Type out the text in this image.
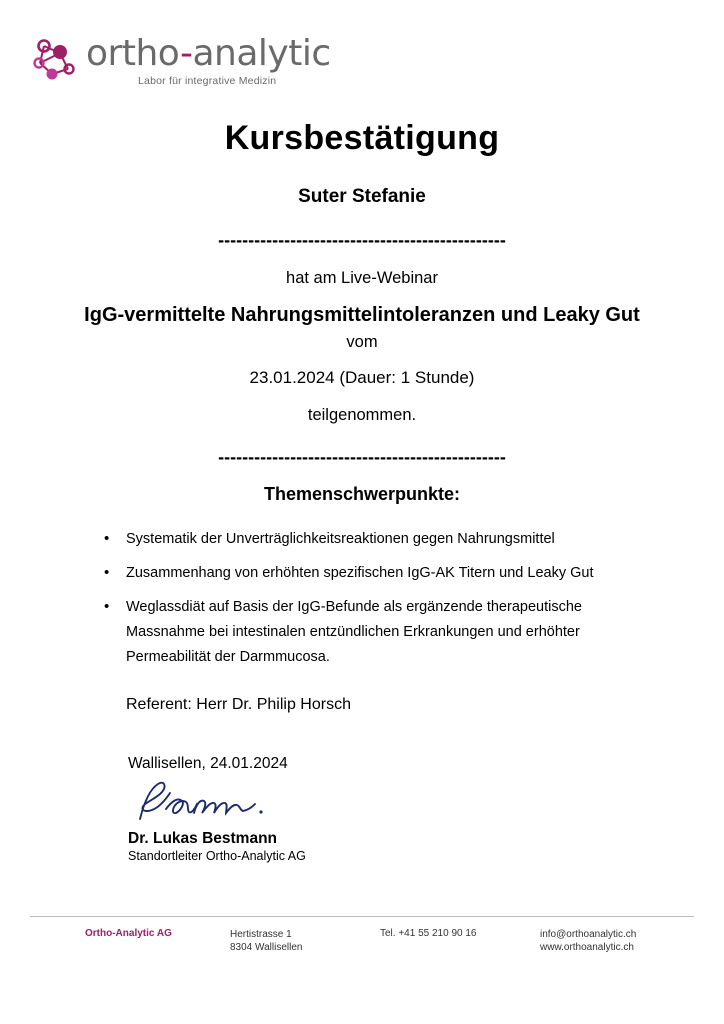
ortho-analytic
Labor für integrative Medizin
Kursbestätigung
Suter Stefanie
------------------------------------------------
hat am Live-Webinar
IgG-vermittelte Nahrungsmittelintoleranzen und Leaky Gut
vom
23.01.2024 (Dauer: 1 Stunde)
teilgenommen.
------------------------------------------------
Themenschwerpunkte:
• Systematik der Unverträglichkeitsreaktionen gegen Nahrungsmittel
• Zusammenhang von erhöhten spezifischen IgG-AK Titern und Leaky Gut
• Weglassdiät auf Basis der IgG-Befunde als ergänzende therapeutische Massnahme bei intestinalen entzündlichen Erkrankungen und erhöhter Permeabilität der Darmmucosa.
Referent: Herr Dr. Philip Horsch
Wallisellen, 24.01.2024
Dr. Lukas Bestmann
Standortleiter Ortho-Analytic AG
Ortho-Analytic AG	Hertistrasse 1
8304 Wallisellen
Tel. +41 55 210 90 16	info@orthoanalytic.ch
www.orthoanalytic.ch
